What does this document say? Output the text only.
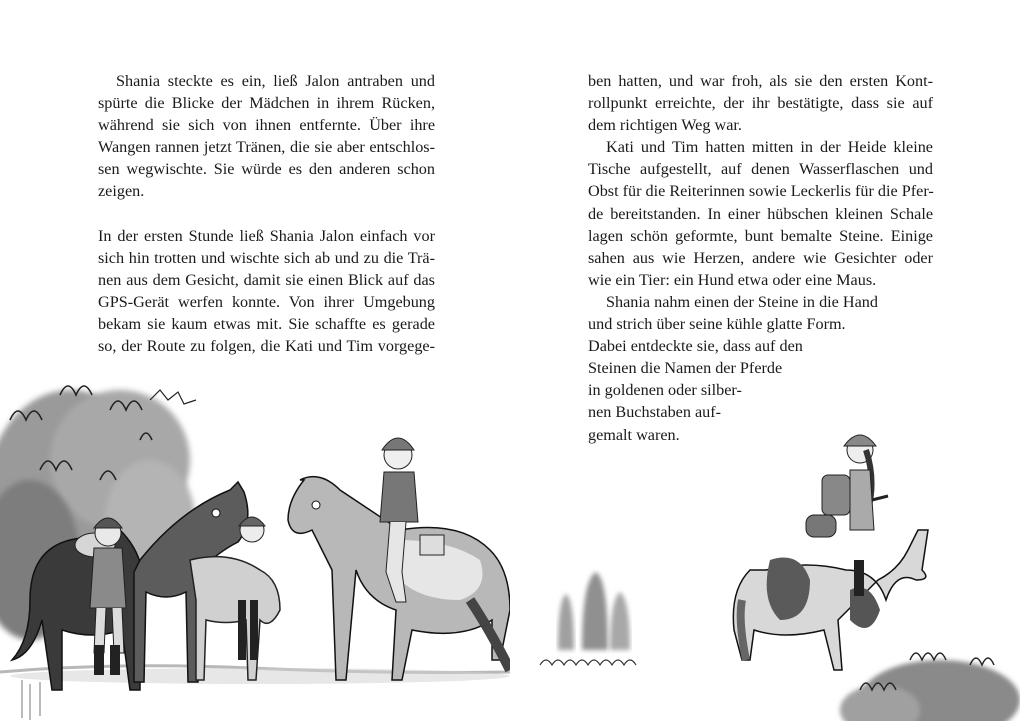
Shania steckte es ein, ließ Jalon antraben und
spürte die Blicke der Mädchen in ihrem Rücken,
während sie sich von ihnen entfernte. Über ihre
Wangen rannen jetzt Tränen, die sie aber entschlos-
sen wegwischte. Sie würde es den anderen schon
zeigen.
In der ersten Stunde ließ Shania Jalon einfach vor
sich hin trotten und wischte sich ab und zu die Trä-
nen aus dem Gesicht, damit sie einen Blick auf das
GPS-Gerät werfen konnte. Von ihrer Umgebung
bekam sie kaum etwas mit. Sie schaffte es gerade
so, der Route zu folgen, die Kati und Tim vorgege-
ben hatten, und war froh, als sie den ersten Kont-
rollpunkt erreichte, der ihr bestätigte, dass sie auf
dem richtigen Weg war.
Kati und Tim hatten mitten in der Heide kleine
Tische aufgestellt, auf denen Wasserflaschen und
Obst für die Reiterinnen sowie Leckerlis für die Pfer-
de bereitstanden. In einer hübschen kleinen Schale
lagen schön geformte, bunt bemalte Steine. Einige
sahen aus wie Herzen, andere wie Gesichter oder
wie ein Tier: ein Hund etwa oder eine Maus.
Shania nahm einen der Steine in die Hand
und strich über seine kühle glatte Form.
Dabei entdeckte sie, dass auf den
Steinen die Namen der Pferde
in goldenen oder silber-
nen Buchstaben auf-
gemalt waren.
